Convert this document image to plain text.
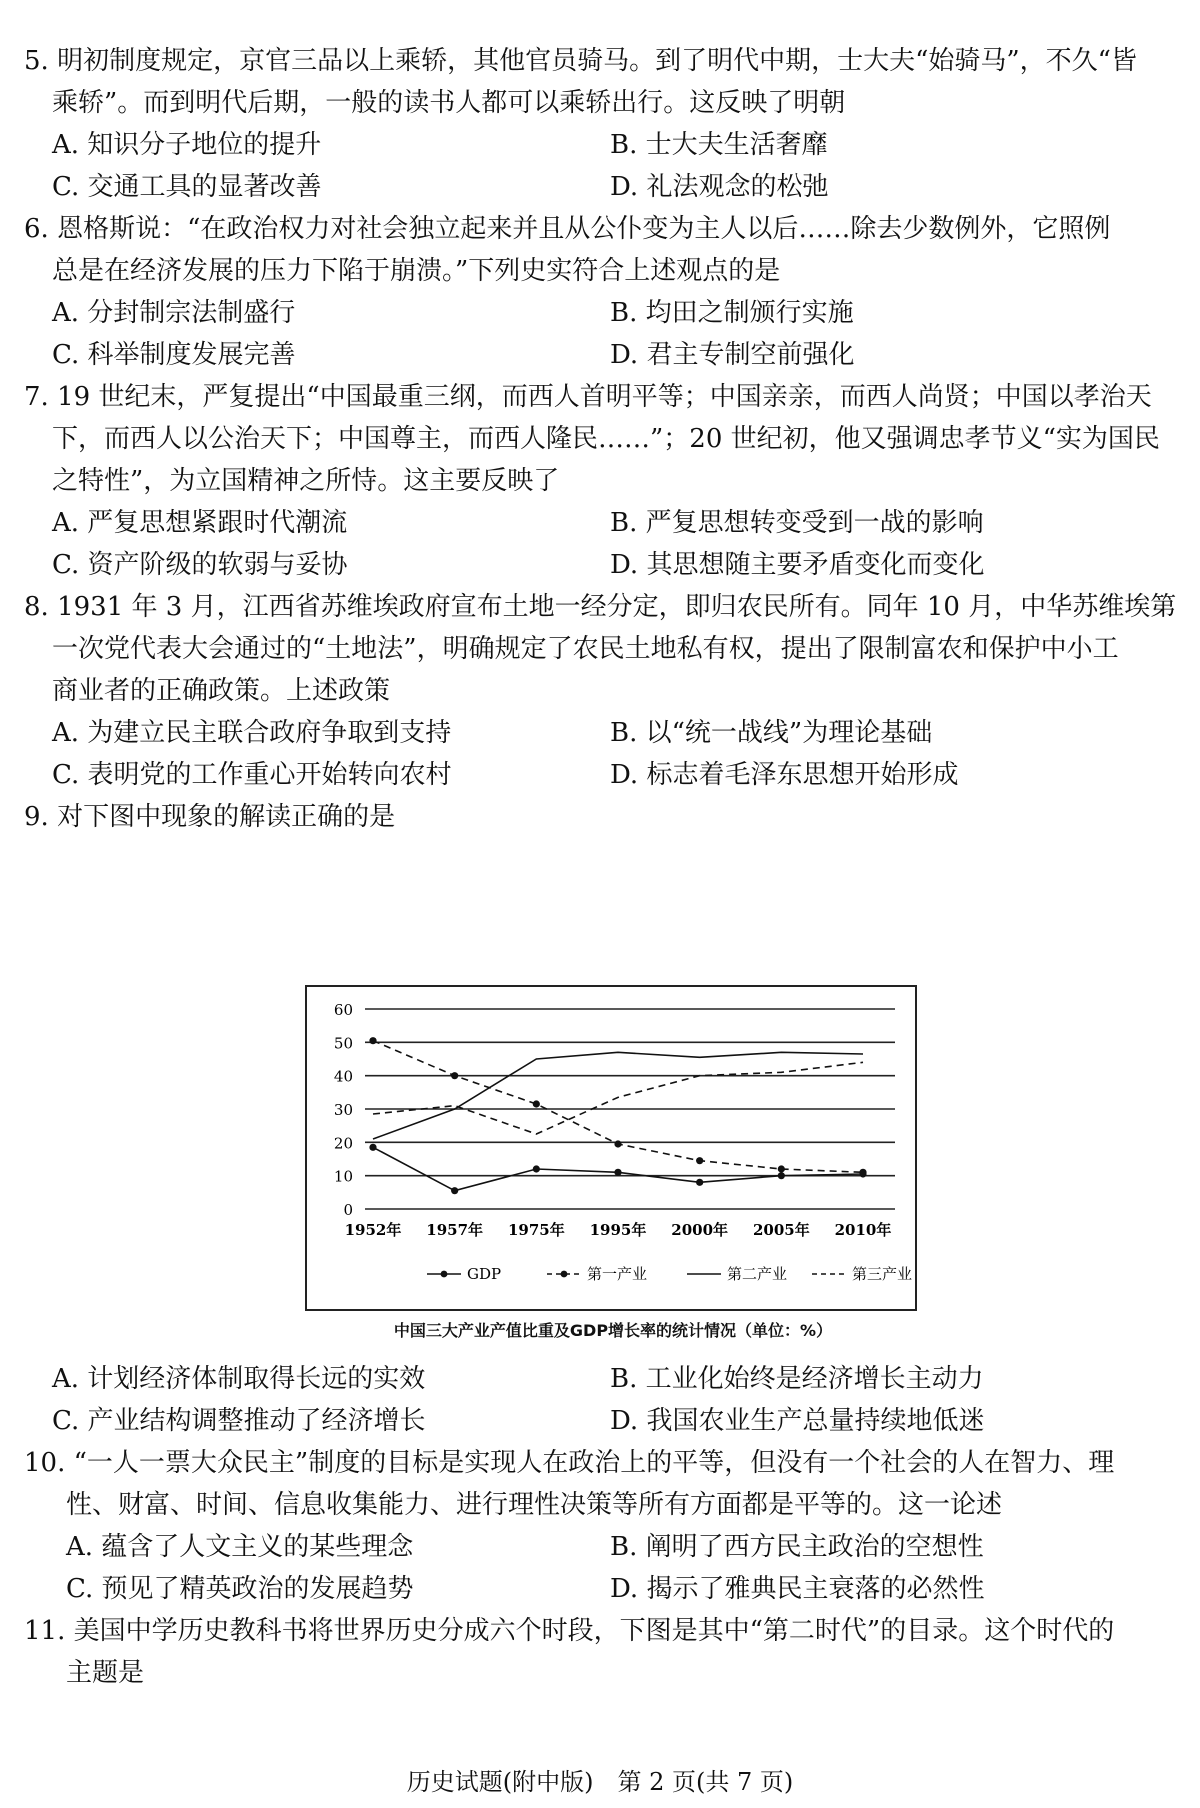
5. 明初制度规定，京官三品以上乘轿，其他官员骑马。到了明代中期，士大夫“始骑马”，不久“皆
乘轿”。而到明代后期，一般的读书人都可以乘轿出行。这反映了明朝
A. 知识分子地位的提升	B. 士大夫生活奢靡
C. 交通工具的显著改善	D. 礼法观念的松弛
6. 恩格斯说：“在政治权力对社会独立起来并且从公仆变为主人以后……除去少数例外，它照例
总是在经济发展的压力下陷于崩溃。”下列史实符合上述观点的是
A. 分封制宗法制盛行	B. 均田之制颁行实施
C. 科举制度发展完善	D. 君主专制空前强化
7. 19 世纪末，严复提出“中国最重三纲，而西人首明平等；中国亲亲，而西人尚贤；中国以孝治天
下，而西人以公治天下；中国尊主，而西人隆民……”；20 世纪初，他又强调忠孝节义“实为国民
之特性”，为立国精神之所恃。这主要反映了
A. 严复思想紧跟时代潮流	B. 严复思想转变受到一战的影响
C. 资产阶级的软弱与妥协	D. 其思想随主要矛盾变化而变化
8. 1931 年 3 月，江西省苏维埃政府宣布土地一经分定，即归农民所有。同年 10 月，中华苏维埃第
一次党代表大会通过的“土地法”，明确规定了农民土地私有权，提出了限制富农和保护中小工
商业者的正确政策。上述政策
A. 为建立民主联合政府争取到支持	B. 以“统一战线”为理论基础
C. 表明党的工作重心开始转向农村	D. 标志着毛泽东思想开始形成
9. 对下图中现象的解读正确的是
0
10
20
30
40
50
60
1952年 1957年 1975年 1995年 2000年 2005年 2010年
GDP	第一产业	第二产业	第三产业
中国三大产业产值比重及GDP增长率的统计情况（单位：%）
A. 计划经济体制取得长远的实效	B. 工业化始终是经济增长主动力
C. 产业结构调整推动了经济增长	D. 我国农业生产总量持续地低迷
10. “一人一票大众民主”制度的目标是实现人在政治上的平等，但没有一个社会的人在智力、理
性、财富、时间、信息收集能力、进行理性决策等所有方面都是平等的。这一论述
A. 蕴含了人文主义的某些理念	B. 阐明了西方民主政治的空想性
C. 预见了精英政治的发展趋势	D. 揭示了雅典民主衰落的必然性
11. 美国中学历史教科书将世界历史分成六个时段，下图是其中“第二时代”的目录。这个时代的
主题是
历史试题(附中版)　第 2 页(共 7 页)
